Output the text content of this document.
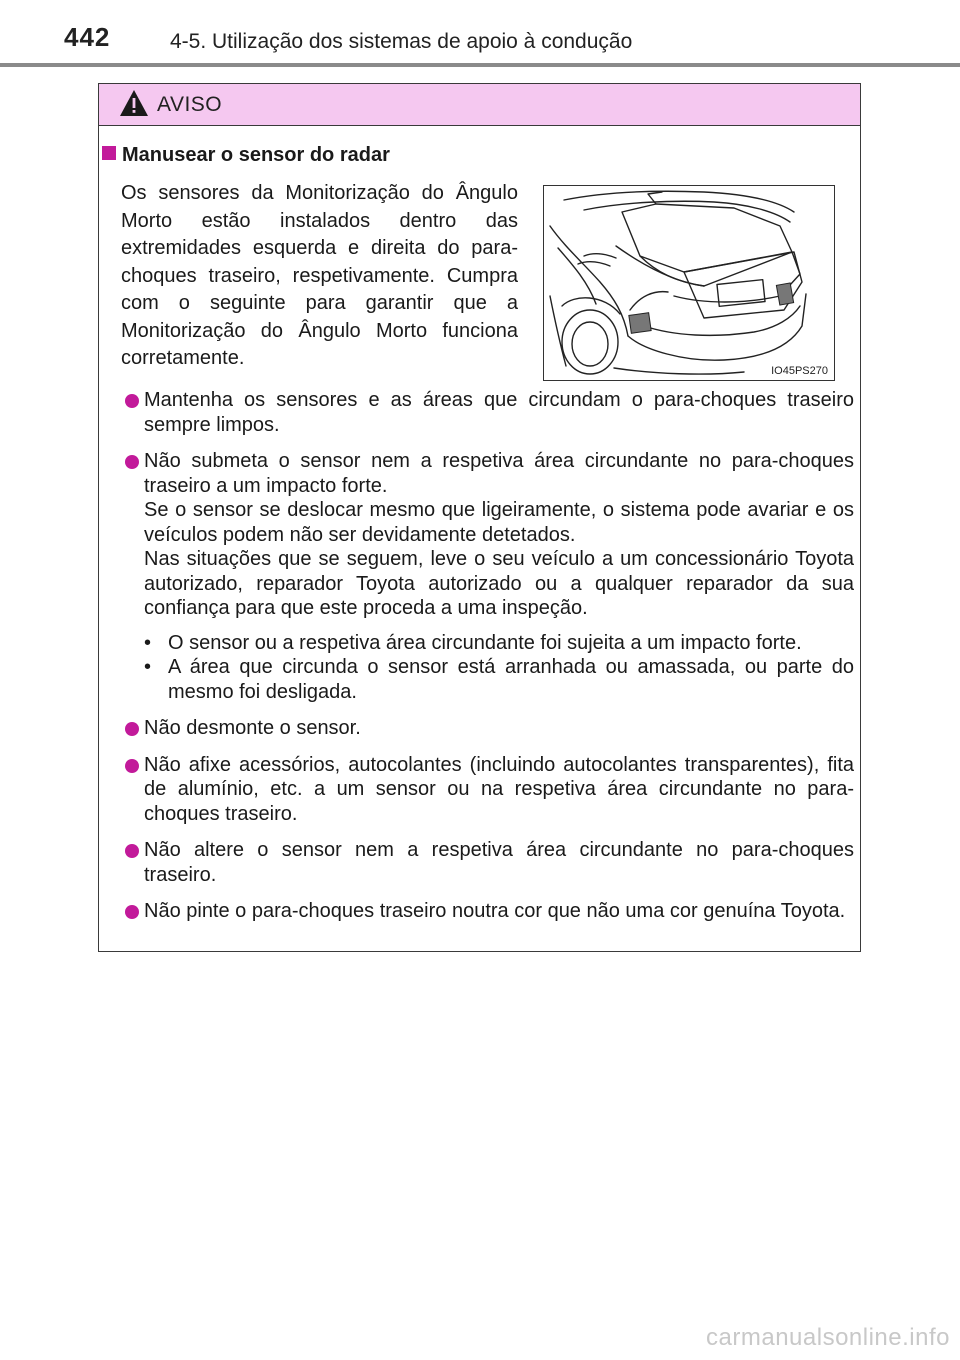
442	4-5. Utilização dos sistemas de apoio à condução
AVISO
Manusear o sensor do radar

Os sensores da Monitorização do Ângulo Morto estão instalados dentro das extremidades esquerda e direita do para-choques traseiro, respetivamente. Cumpra com o seguinte para garantir que a Monitorização do Ângulo Morto funciona corretamente.

IO45PS270

Mantenha os sensores e as áreas que circundam o para-choques traseiro sempre limpos.

Não submeta o sensor nem a respetiva área circundante no para-choques traseiro a um impacto forte.

Se o sensor se deslocar mesmo que ligeiramente, o sistema pode avariar e os veículos podem não ser devidamente detetados.

Nas situações que se seguem, leve o seu veículo a um concessionário Toyota autorizado, reparador Toyota autorizado ou a qualquer reparador da sua confiança para que este proceda a uma inspeção.

• O sensor ou a respetiva área circundante foi sujeita a um impacto forte.

• A área que circunda o sensor está arranhada ou amassada, ou parte do mesmo foi desligada.

Não desmonte o sensor.

Não afixe acessórios, autocolantes (incluindo autocolantes transparentes), fita de alumínio, etc. a um sensor ou na respetiva área circundante no para-choques traseiro.

Não altere o sensor nem a respetiva área circundante no para-choques traseiro.

Não pinte o para-choques traseiro noutra cor que não uma cor genuína Toyota.

carmanualsonline.info
